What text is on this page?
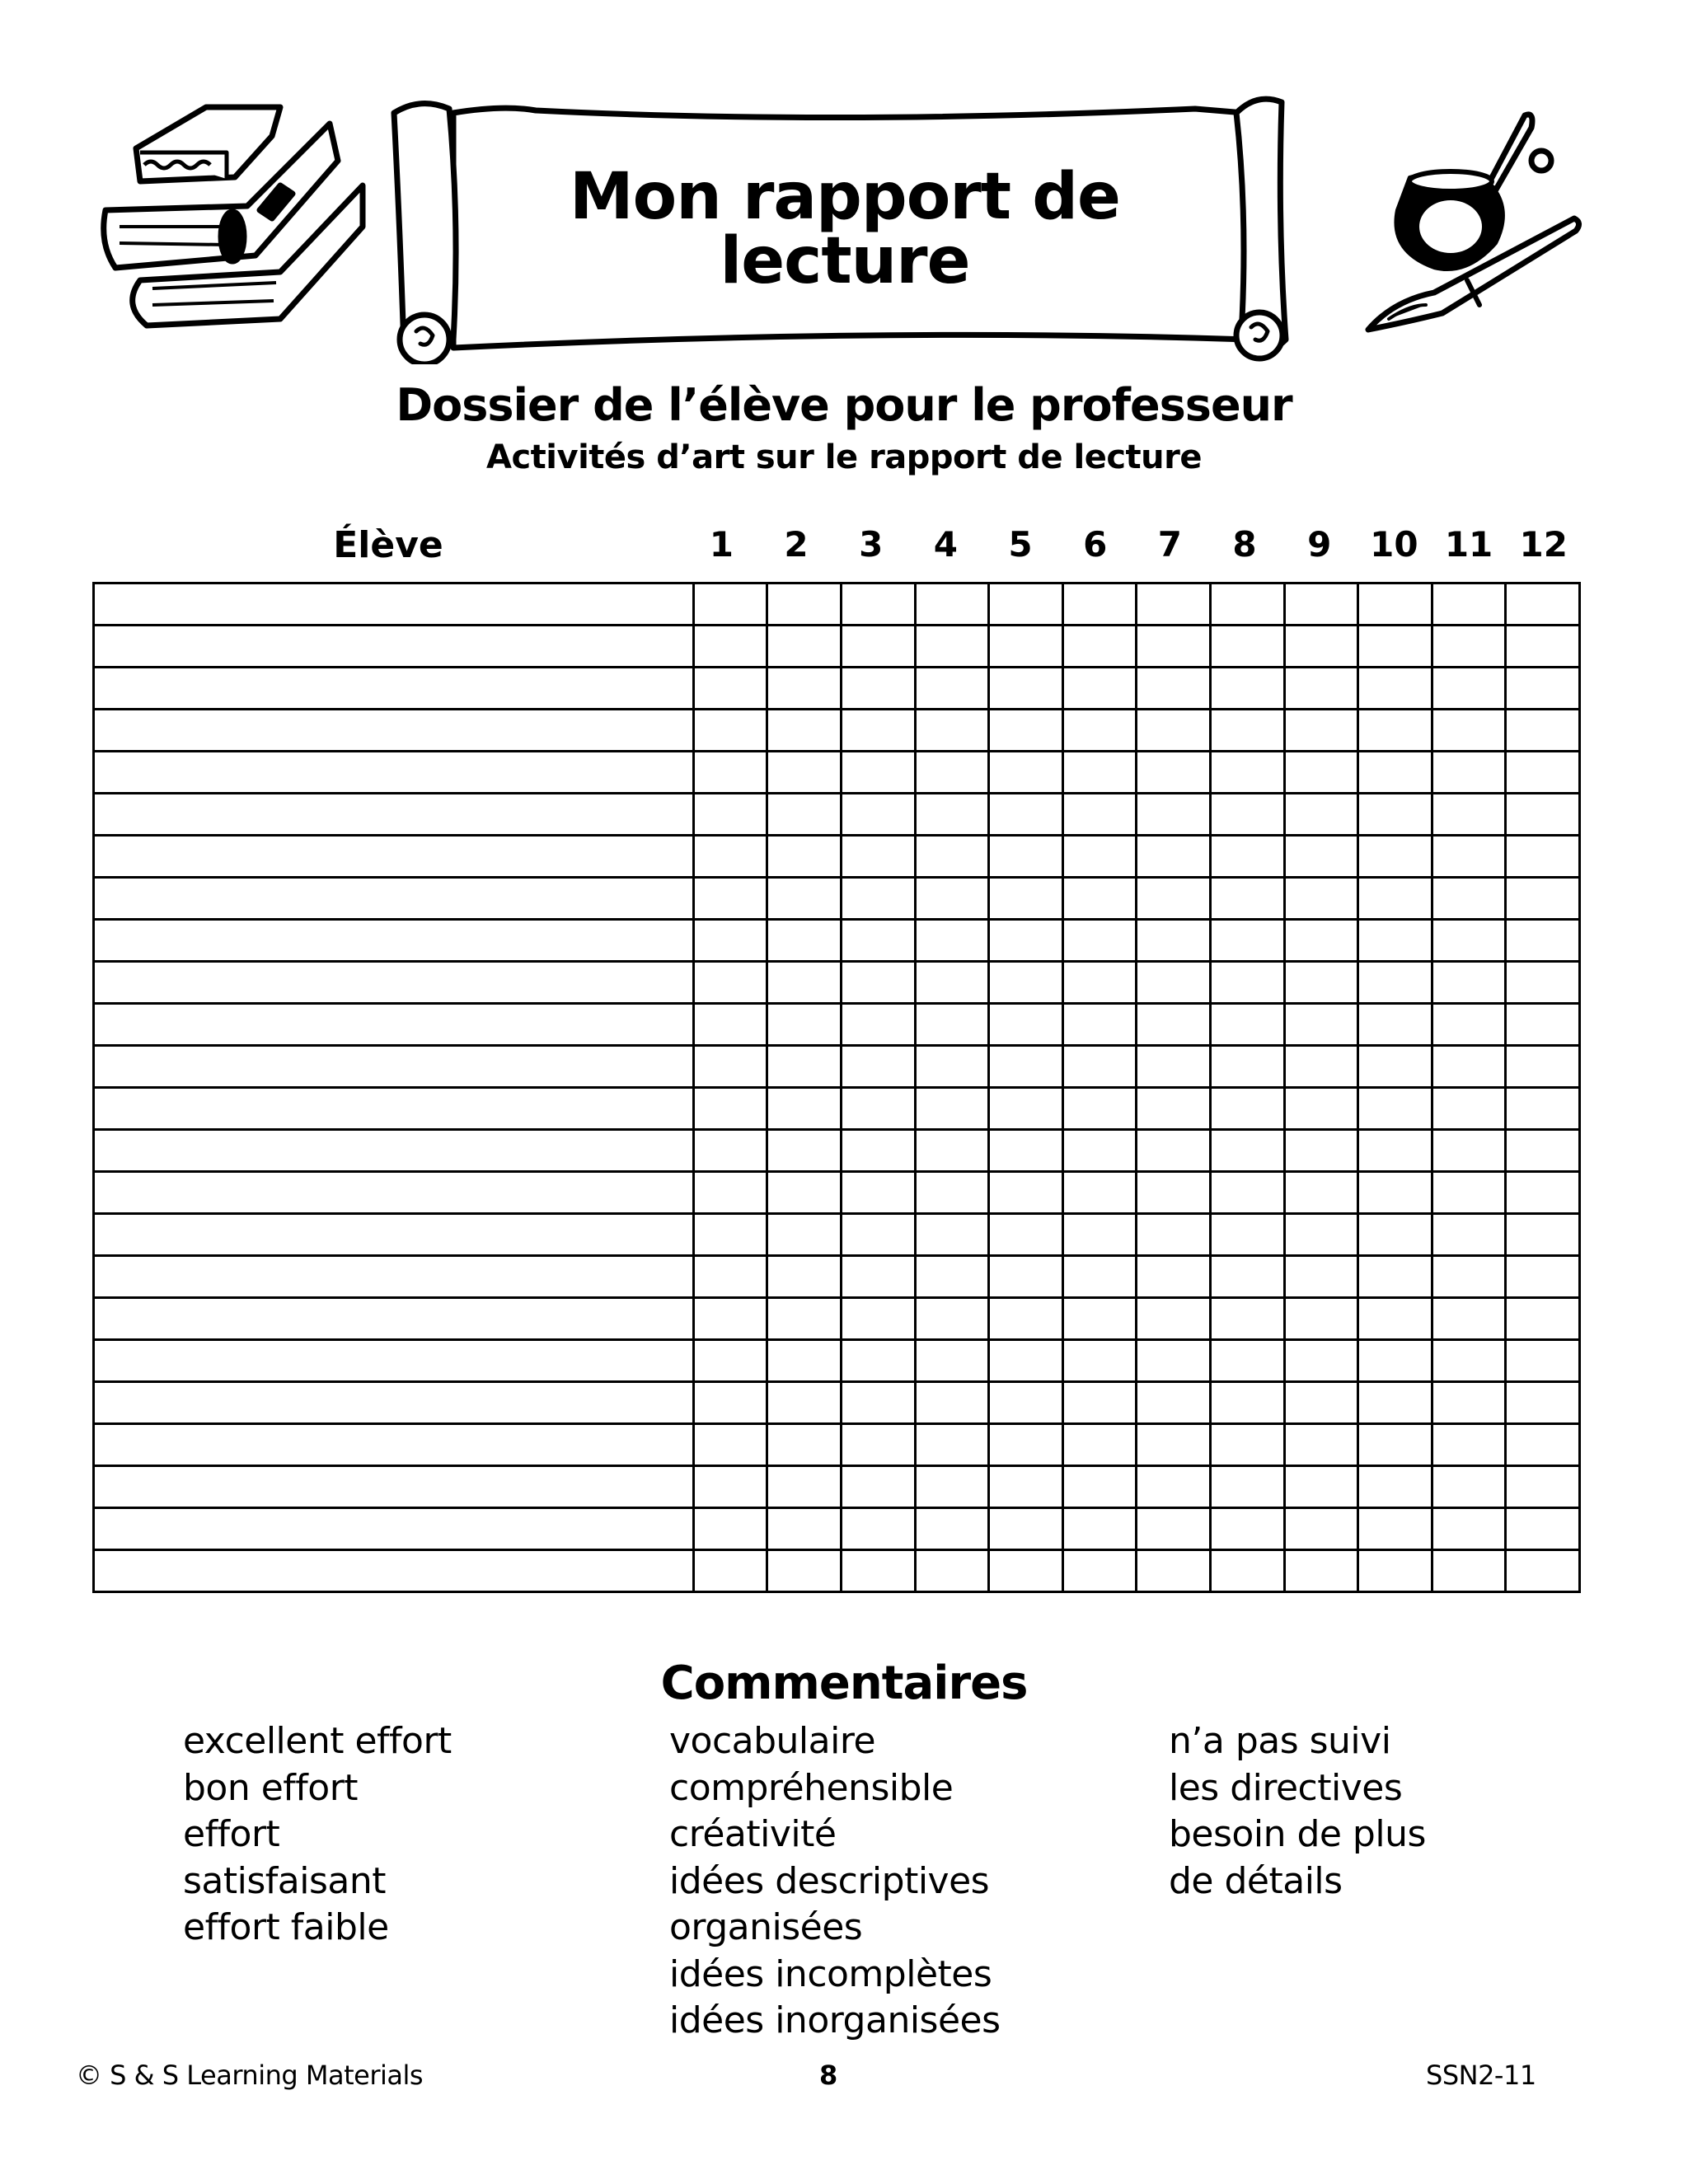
Mon rapport de lecture
Dossier de l’élève pour le professeur
Activités d’art sur le rapport de lecture
Élève	1	2	3	4	5	6	7	8	9	10 11 12

Commentaires
excellent effort
bon effort
effort
satisfaisant
effort faible
vocabulaire
compréhensible
créativité
idées descriptives
organisées
idées incomplètes
idées inorganisées
n’a pas suivi
les directives
besoin de plus
de détails
© S & S Learning Materials	8	SSN2-11
